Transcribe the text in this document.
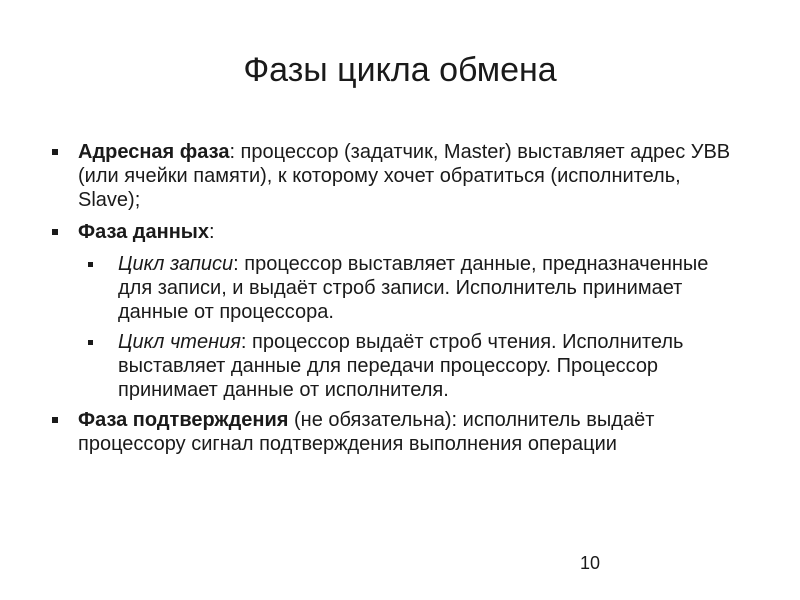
Фазы цикла обмена
Адресная фаза: процессор (задатчик, Master) выставляет адрес УВВ (или ячейки памяти), к которому хочет обратиться (исполнитель, Slave);
Фаза данных:
Цикл записи: процессор выставляет данные, предназначенные для записи, и выдаёт строб записи. Исполнитель принимает данные от процессора.
Цикл чтения: процессор выдаёт строб чтения. Исполнитель выставляет данные для передачи процессору. Процессор принимает данные от исполнителя.
Фаза подтверждения (не обязательна): исполнитель выдаёт процессору сигнал подтверждения выполнения операции
10
